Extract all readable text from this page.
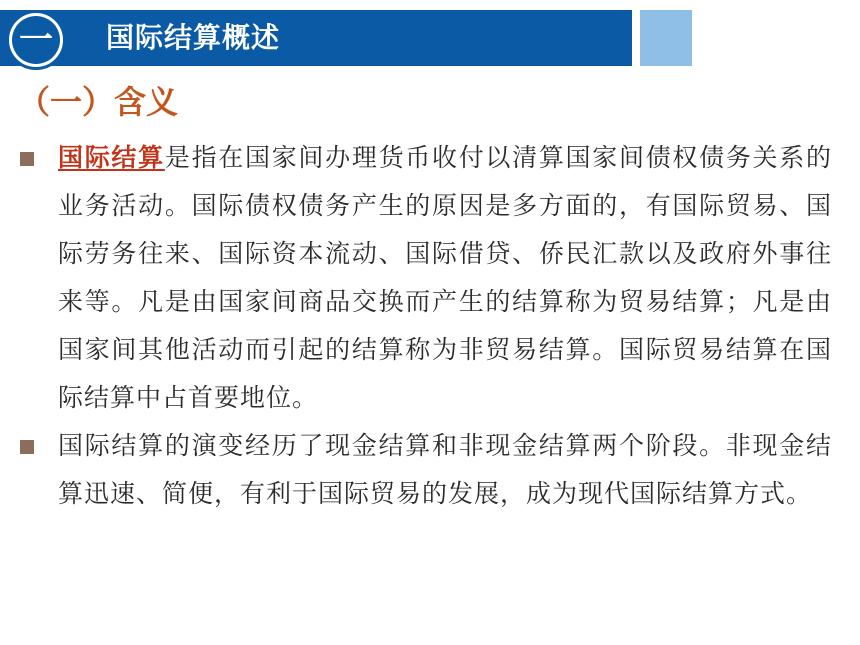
一 国际结算概述
（一）含义

国际结算是指在国家间办理货币收付以清算国家间债权债务关系的业务活动。国际债权债务产生的原因是多方面的，有国际贸易、国际劳务往来、国际资本流动、国际借贷、侨民汇款以及政府外事往来等。凡是由国家间商品交换而产生的结算称为贸易结算；凡是由国家间其他活动而引起的结算称为非贸易结算。国际贸易结算在国际结算中占首要地位。

国际结算的演变经历了现金结算和非现金结算两个阶段。非现金结算迅速、简便，有利于国际贸易的发展，成为现代国际结算方式。
